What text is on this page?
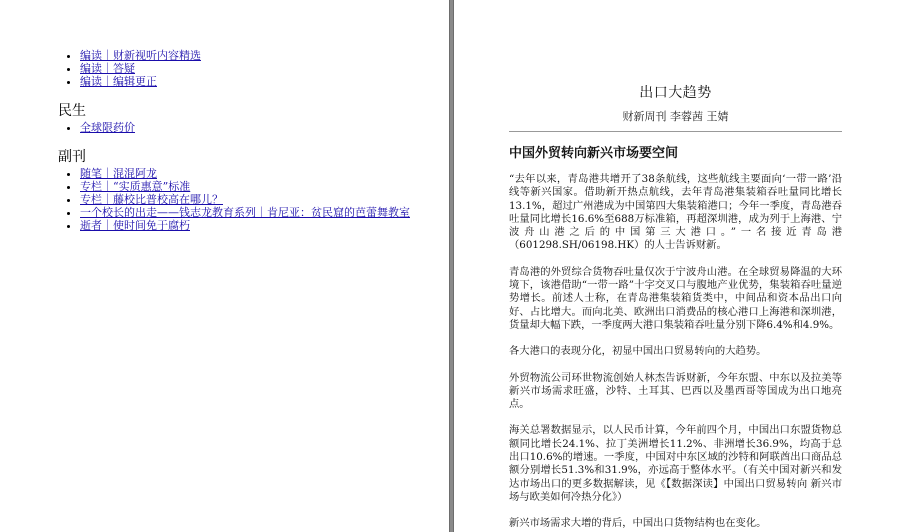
• 编读｜财新视听内容精选
• 编读｜答疑
• 编读｜编辑更正
民生
• 全球限药价
副刊
• 随笔｜混混阿龙
• 专栏｜“实质惠意”标准
• 专栏｜藤校比普校高在哪儿？
• 一个校长的出走——钱志龙教育系列｜肯尼亚：贫民窟的芭蕾舞教室
• 逝者｜使时间免于腐朽
出口大趋势
财新周刊 李蓉茜 王婧
中国外贸转向新兴市场要空间

“去年以来，青岛港共增开了38条航线，这些航线主要面向‘一带一路’沿线等新兴国家。借助新开热点航线，去年青岛港集装箱吞吐量同比增长13.1%，超过广州港成为中国第四大集装箱港口；今年一季度，青岛港吞吐量同比增长16.6%至688万标准箱，再超深圳港，成为列于上海港、宁波舟山港之后的中国第三大港口。”一名接近青岛港（601298.SH/06198.HK）的人士告诉财新。

青岛港的外贸综合货物吞吐量仅次于宁波舟山港。在全球贸易降温的大环境下，该港借助“一带一路”十字交叉口与腹地产业优势，集装箱吞吐量逆势增长。前述人士称，在青岛港集装箱货类中，中间品和资本品出口向好、占比增大。而向北美、欧洲出口消费品的核心港口上海港和深圳港，货量却大幅下跌，一季度两大港口集装箱吞吐量分别下降6.4%和4.9%。

各大港口的表现分化，初显中国出口贸易转向的大趋势。

外贸物流公司环世物流创始人林杰告诉财新，今年东盟、中东以及拉美等新兴市场需求旺盛，沙特、土耳其、巴西以及墨西哥等国成为出口地亮点。

海关总署数据显示，以人民币计算，今年前四个月，中国出口东盟货物总额同比增长24.1%、拉丁美洲增长11.2%、非洲增长36.9%，均高于总出口10.6%的增速。一季度，中国对中东区域的沙特和阿联酋出口商品总额分别增长51.3%和31.9%，亦远高于整体水平。（有关中国对新兴和发达市场出口的更多数据解读，见《【数据深读】中国出口贸易转向 新兴市场与欧美如何冷热分化》）

新兴市场需求大增的背后，中国出口货物结构也在变化。
